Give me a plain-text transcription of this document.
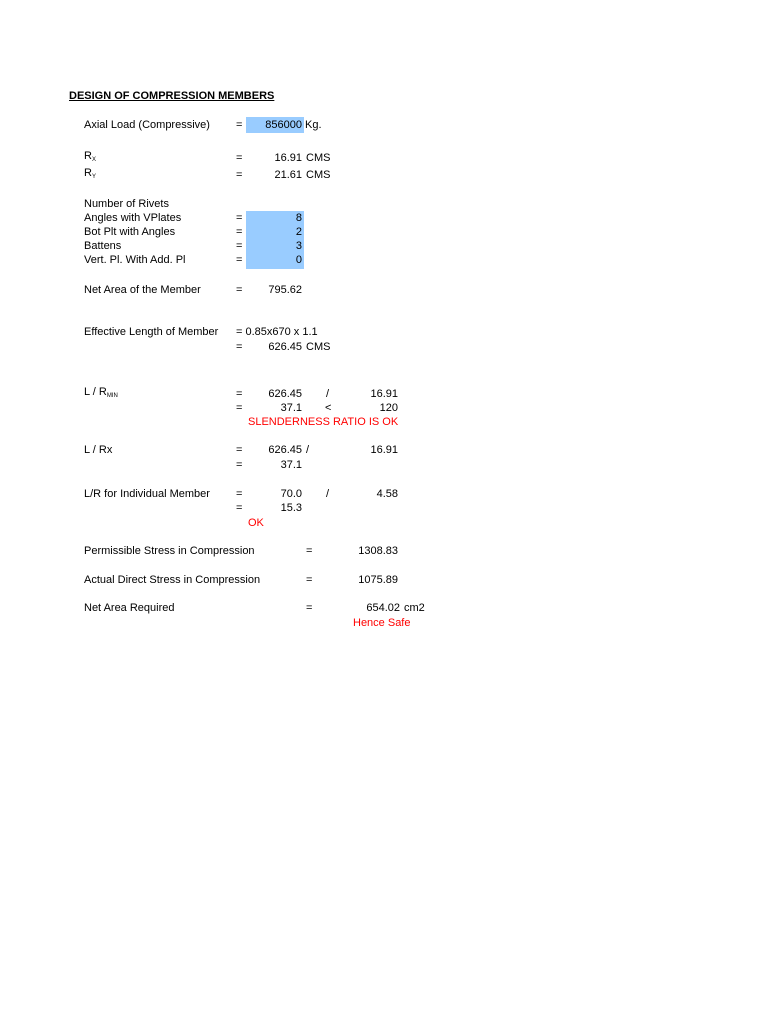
DESIGN OF COMPRESSION MEMBERS
Axial Load (Compressive) =	856000 Kg.
$R_X$	=	16.91 CMS
$R_Y$	=	21.61 CMS
Number of Rivets
Angles with VPlates	=	8
Bot Plt with Angles	=	2
Battens	=	3
Vert. Pl. With Add. Pl	=	0
Net Area of the Member	=	795.62
Effective Length of Member = 0.85x670 x 1.1
=	626.45 CMS
L / $R_{MIN}$	=	626.45 /	16.91
=	37.1 <	120
SLENDERNESS RATIO IS OK
L / Rx	=	626.45 /	16.91
=	37.1
L/R for Individual Member =	70.0 /	4.58
=	15.3
OK
Permissible Stress in Compression	=	1308.83
Actual Direct Stress in Compression	=	1075.89
Net Area Required	=	654.02 cm2
Hence Safe
